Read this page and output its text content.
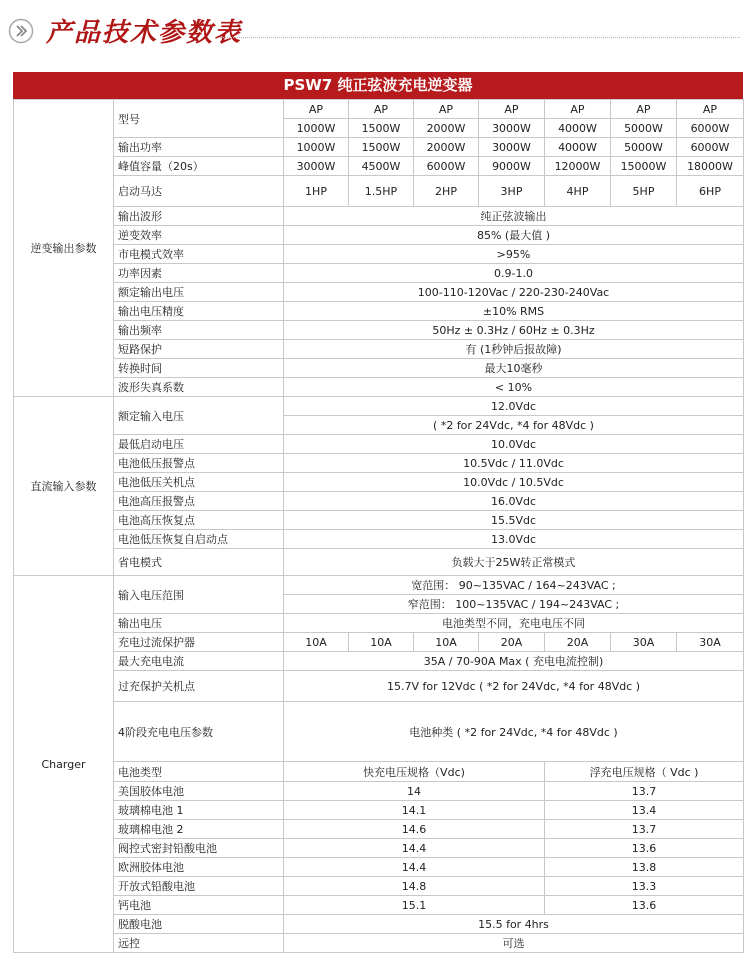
产品技术参数表
PSW7 纯正弦波充电逆变器
逆变输出参数	型号	AP	AP	AP	AP	AP	AP	AP
		1000W	1500W	2000W	3000W	4000W	5000W	6000W
	输出功率	1000W	1500W	2000W	3000W	4000W	5000W	6000W
	峰值容量（20s）	3000W	4500W	6000W	9000W	12000W	15000W	18000W
	启动马达	1HP	1.5HP	2HP	3HP	4HP	5HP	6HP
	输出波形	纯正弦波输出						
	逆变效率	85% (最大值 )						
	市电模式效率	>95%						
	功率因素	0.9-1.0						
	额定输出电压	100-110-120Vac / 220-230-240Vac						
	输出电压精度	±10% RMS						
	输出频率	50Hz ± 0.3Hz / 60Hz ± 0.3Hz						
	短路保护	有 (1秒钟后报故障)						
	转换时间	最大10毫秒						
	波形失真系数	< 10%						
直流输入参数	额定输入电压	12.0Vdc						
		( *2 for 24Vdc, *4 for 48Vdc )						
	最低启动电压	10.0Vdc						
	电池低压报警点	10.5Vdc / 11.0Vdc						
	电池低压关机点	10.0Vdc / 10.5Vdc						
	电池高压报警点	16.0Vdc						
	电池高压恢复点	15.5Vdc						
	电池低压恢复自启动点	13.0Vdc						
	省电模式	负载大于25W转正常模式						
Charger	输入电压范围	宽范围： 90~135VAC / 164~243VAC ;						
		窄范围： 100~135VAC / 194~243VAC ;						
	输出电压	电池类型不同，充电电压不同						
	充电过流保护器	10A	10A	10A	20A	20A	30A	30A
	最大充电电流	35A / 70-90A Max ( 充电电流控制)						
	过充保护关机点	15.7V for 12Vdc ( *2 for 24Vdc, *4 for 48Vdc )						
	4阶段充电电压参数	电池种类 ( *2 for 24Vdc, *4 for 48Vdc )						
	电池类型	快充电压规格（Vdc)				浮充电压规格（ Vdc )		
	美国胶体电池	14				13.7		
	玻璃棉电池 1	14.1				13.4		
	玻璃棉电池 2	14.6				13.7		
	阀控式密封铅酸电池	14.4				13.6		
	欧洲胶体电池	14.4				13.8		
	开放式铅酸电池	14.8				13.3		
	钙电池	15.1				13.6		
	脱酸电池	15.5 for 4hrs						
	远控	可选						
